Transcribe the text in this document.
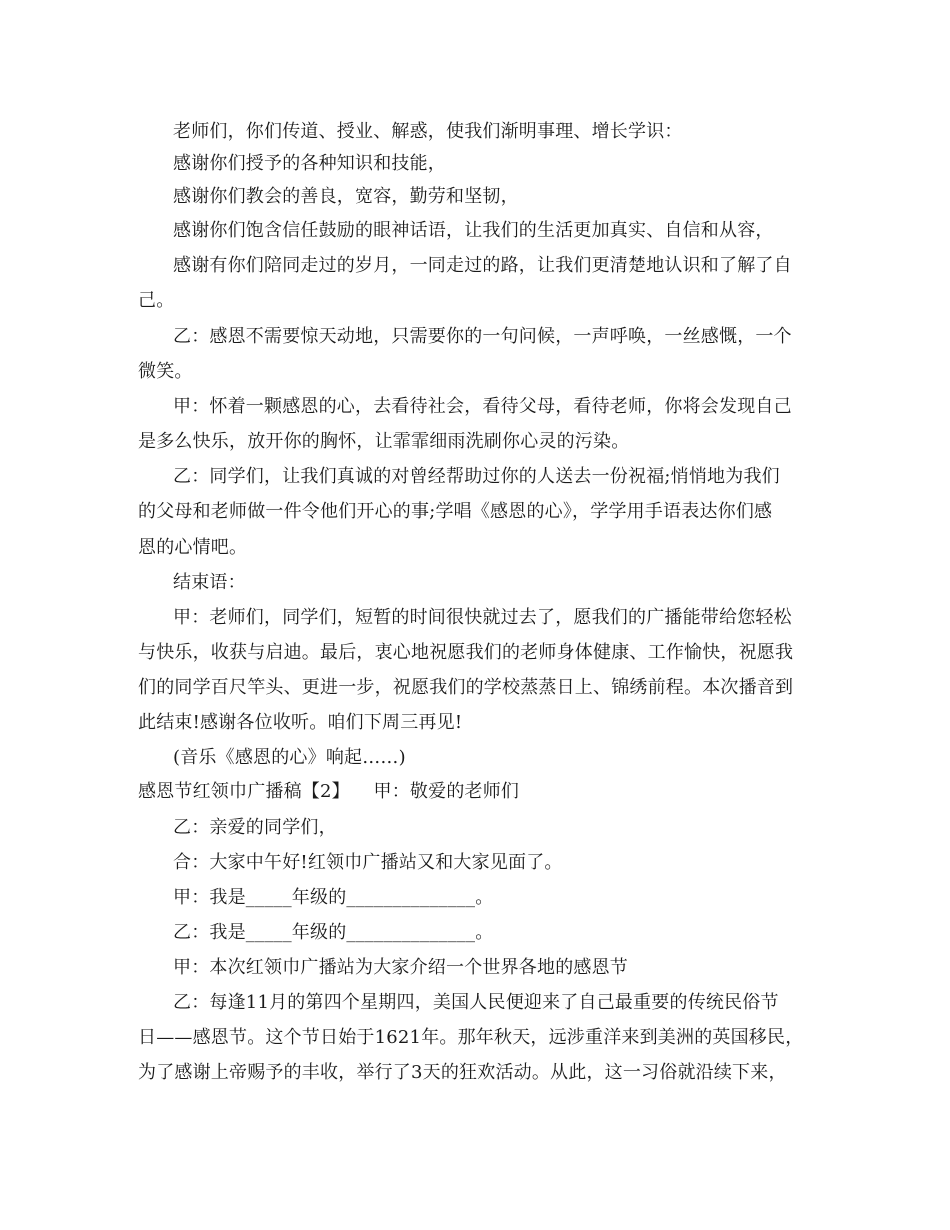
老师们，你们传道、授业、解惑，使我们渐明事理、增长学识：
感谢你们授予的各种知识和技能，
感谢你们教会的善良，宽容，勤劳和坚韧，
感谢你们饱含信任鼓励的眼神话语，让我们的生活更加真实、自信和从容，
感谢有你们陪同走过的岁月，一同走过的路，让我们更清楚地认识和了解了自
己。
乙：感恩不需要惊天动地，只需要你的一句问候，一声呼唤，一丝感慨，一个
微笑。
甲：怀着一颗感恩的心，去看待社会，看待父母，看待老师，你将会发现自己
是多么快乐，放开你的胸怀，让霏霏细雨洗刷你心灵的污染。
乙：同学们，让我们真诚的对曾经帮助过你的人送去一份祝福;悄悄地为我们
的父母和老师做一件令他们开心的事;学唱《感恩的心》，学学用手语表达你们感
恩的心情吧。
结束语：
甲：老师们，同学们，短暂的时间很快就过去了，愿我们的广播能带给您轻松
与快乐，收获与启迪。最后，衷心地祝愿我们的老师身体健康、工作愉快，祝愿我
们的同学百尺竿头、更进一步，祝愿我们的学校蒸蒸日上、锦绣前程。本次播音到
此结束!感谢各位收听。咱们下周三再见!
(音乐《感恩的心》响起……)
感恩节红领巾广播稿【2】    甲：敬爱的老师们
乙：亲爱的同学们，
合：大家中午好!红领巾广播站又和大家见面了。
甲：我是_____年级的______________。
乙：我是_____年级的______________。
甲：本次红领巾广播站为大家介绍一个世界各地的感恩节
乙：每逢11月的第四个星期四，美国人民便迎来了自己最重要的传统民俗节
日——感恩节。这个节日始于1621年。那年秋天，远涉重洋来到美洲的英国移民，
为了感谢上帝赐予的丰收，举行了3天的狂欢活动。从此，这一习俗就沿续下来，
